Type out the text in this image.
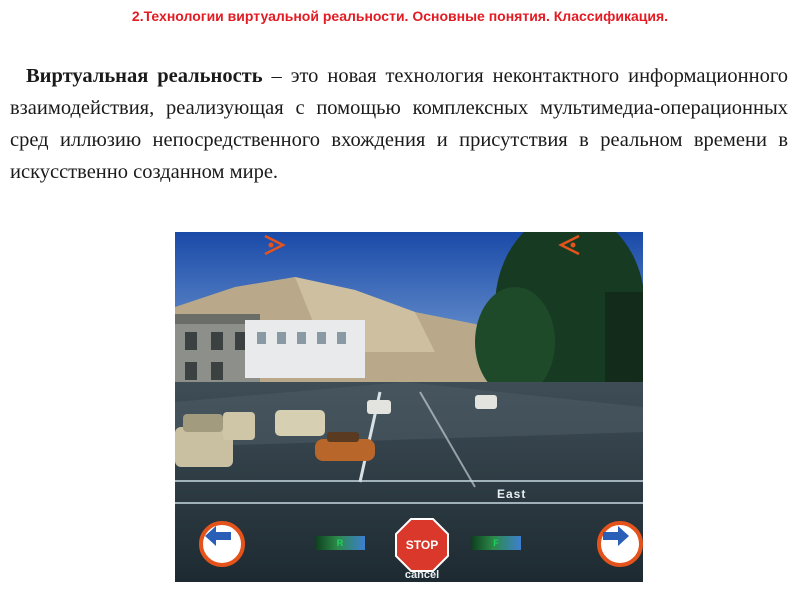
2.Технологии виртуальной реальности. Основные понятия. Классификация.

Виртуальная реальность – это новая технология неконтактного информационного взаимодействия, реализующая с помощью комплексных мультимедиа-операционных сред иллюзию непосредственного вхождения и присутствия в реальном времени в искусственно созданном мире.

East
R	STOP
cancel
F
